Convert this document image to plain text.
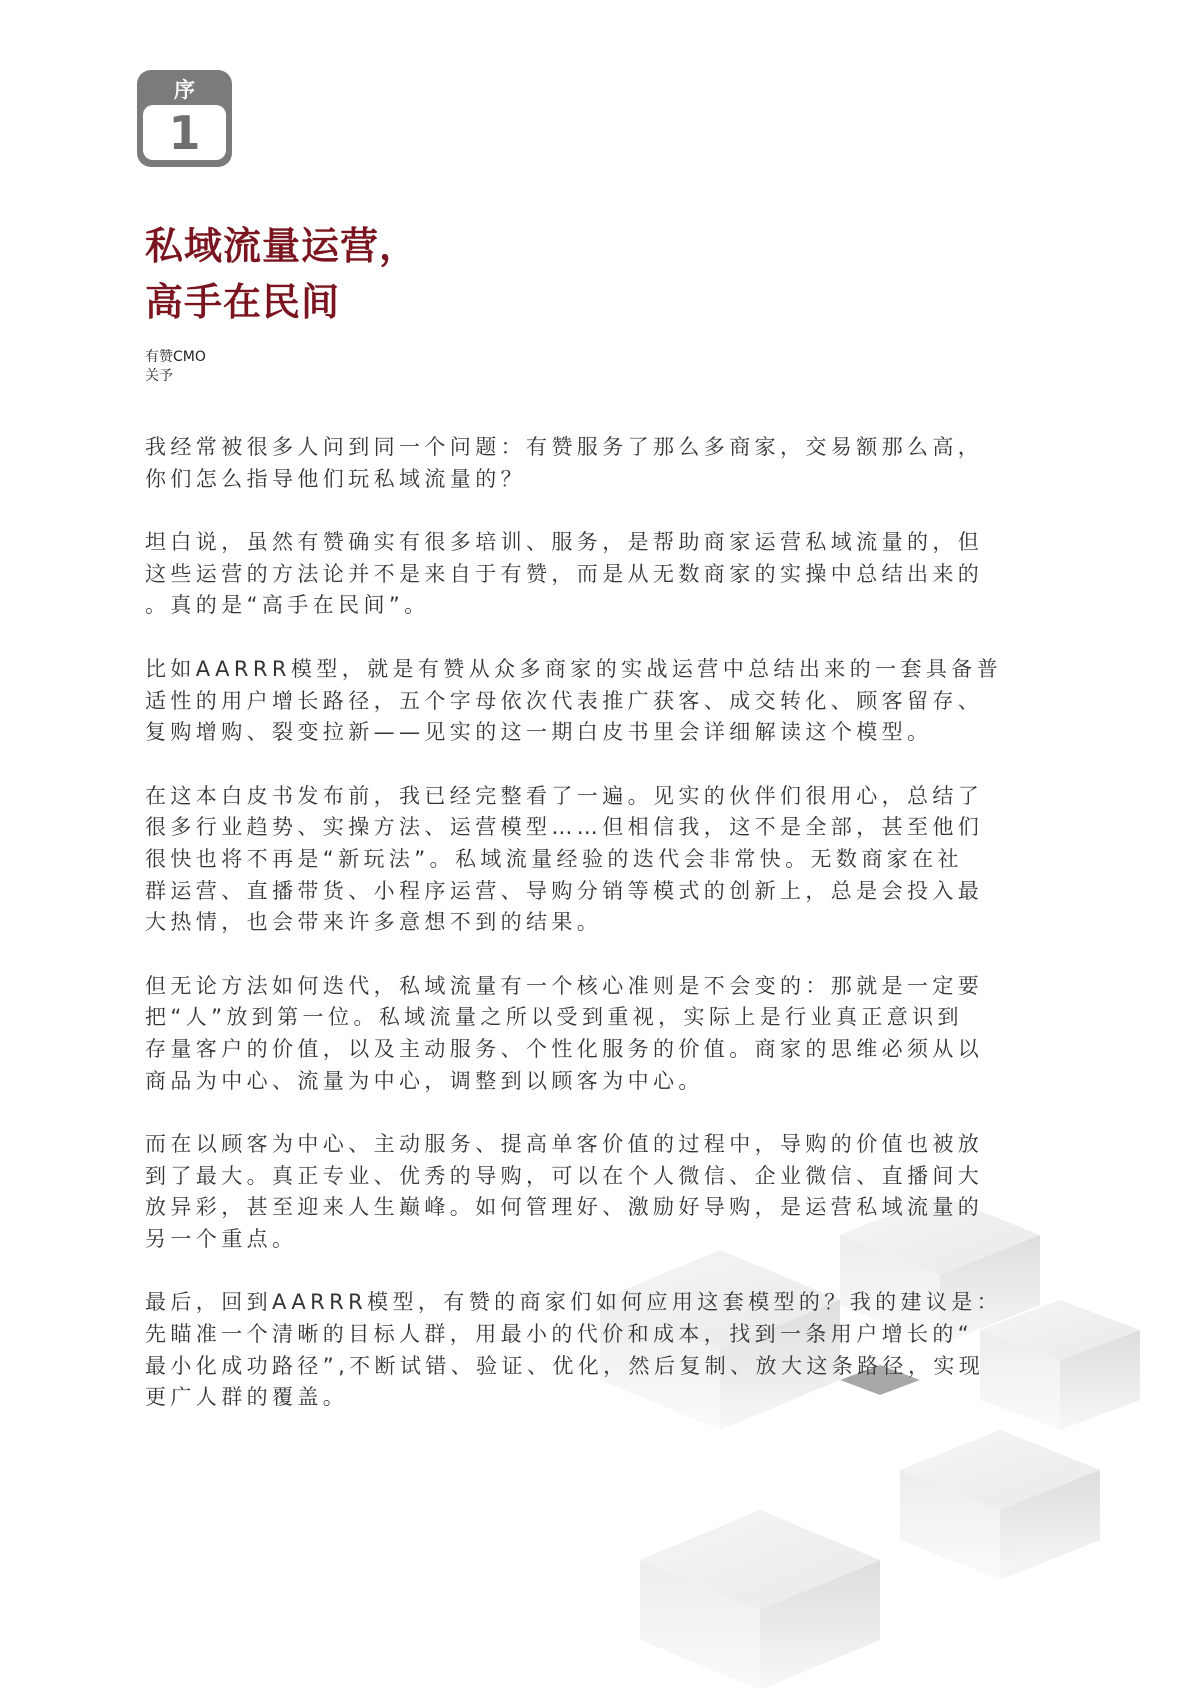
序
1
私域流量运营，
高手在民间
有赞CMO
关予
我经常被很多人问到同一个问题：有赞服务了那么多商家，交易额那么高，
你们怎么指导他们玩私域流量的？
坦白说，虽然有赞确实有很多培训、服务，是帮助商家运营私域流量的，但
这些运营的方法论并不是来自于有赞，而是从无数商家的实操中总结出来的
。真的是“高手在民间”。
比如AARRR模型，就是有赞从众多商家的实战运营中总结出来的一套具备普
适性的用户增长路径，五个字母依次代表推广获客、成交转化、顾客留存、
复购增购、裂变拉新——见实的这一期白皮书里会详细解读这个模型。
在这本白皮书发布前，我已经完整看了一遍。见实的伙伴们很用心，总结了
很多行业趋势、实操方法、运营模型……但相信我，这不是全部，甚至他们
很快也将不再是“新玩法”。私域流量经验的迭代会非常快。无数商家在社
群运营、直播带货、小程序运营、导购分销等模式的创新上，总是会投入最
大热情，也会带来许多意想不到的结果。
但无论方法如何迭代，私域流量有一个核心准则是不会变的：那就是一定要
把“人”放到第一位。私域流量之所以受到重视，实际上是行业真正意识到
存量客户的价值，以及主动服务、个性化服务的价值。商家的思维必须从以
商品为中心、流量为中心，调整到以顾客为中心。
而在以顾客为中心、主动服务、提高单客价值的过程中，导购的价值也被放
到了最大。真正专业、优秀的导购，可以在个人微信、企业微信、直播间大
放异彩，甚至迎来人生巅峰。如何管理好、激励好导购，是运营私域流量的
另一个重点。
最后，回到AARRR模型，有赞的商家们如何应用这套模型的？我的建议是：
先瞄准一个清晰的目标人群，用最小的代价和成本，找到一条用户增长的“
最小化成功路径”,不断试错、验证、优化，然后复制、放大这条路径，实现
更广人群的覆盖。
